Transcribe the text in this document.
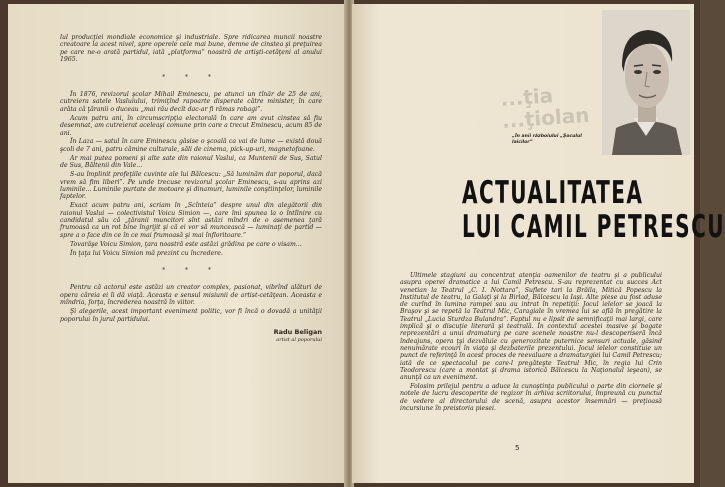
lul producţiei mondiale economice şi industriale. Spre ridicarea muncii noastre creatoare la acest nivel, spre operele cele mai bune, demne de cinstea şi preţuirea pe care ne-o arată partidul, iată „platforma” noastră de artişti-cetăţeni al anului 1965.

* * *

În 1876, revizorul şcolar Mihail Eminescu, pe atunci un tînăr de 25 de ani, cutreiera satele Vasluiului, trimiţînd rapoarte disperate către minister, în care arăta că ţăranii o duceau „mai rău decît dac-ar fi rămas robagi”.

Acum patru ani, în circumscripţia electorală în care am avut cinstea să fiu desemnat, am cutreierat aceleaşi comune prin care a trecut Eminescu, acum 85 de ani.

În Laza — satul în care Eminescu găsise o şcoală ca vai de lume — există două şcoli de 7 ani, patru cămine culturale, săli de cinema, pick-up-uri, magnetofoane.

Ar mai putea pomeni şi alte sate din raionul Vaslui, ca Muntenii de Sus, Satul de Sus, Băltenii din Vale...

S-au împlinit profeţiile cuvinte ale lui Bălcescu: „Să luminăm dar poporul, dacă vrem să fim liberi”. Pe unde trecuse revizorul şcolar Eminescu, s-au aprins azi luminile... Luminile purtate de motoare şi dinamuri, luminile conştiinţelor, luminile faptelor.

Exact acum patru ani, scriam în „Scînteia” despre unul din alegătorii din raionul Vaslui — colectivistul Voicu Simion —, care îmi spunea la o întîlnire cu candidatul său că „ţăranii muncitori sînt astăzi mîndri de o asemenea ţară frumoasă ca un rot bine îngrijit şi că ei vor să muncească — luminaţi de partid — spre a o face din ce în ce mai frumoasă şi mai înfloritoare.”

Tovarăşe Voicu Simion, ţara noastră este astăzi grădina pe care o visam...

În ţaţa lui Voicu Simion mă prezint cu încredere.

* * *

Pentru că actorul este astăzi un creator complex, pasionat, vibrînd alături de opera căreia ei îi dă viaţă. Aceasta e sensul misiunii de artist-cetăţean. Aceasta e mîndria, forţa, încrederea noastră în viitor.

Şi alegerile, acest important eveniment politic, vor fi încă o dovadă a unităţii poporului în jurul partidului.

Radu Beligan
artist al poporului
...ţia
...ţiolan
„În anii războiului „Şoculul laicilor”
ACTUALITATEA
LUI CAMIL PETRESCU

Ultimele stagiuni au concentrat atenţia oamenilor de teatru şi a publicului asupra operei dramatice a lui Camil Petrescu. S-au reprezentat cu succes Act venetian la Teatrul „C. I. Nottara”, Suflete tari la Brăila, Mitică Popescu la Institutul de teatru, la Galaţi şi la Birlad, Bălcescu la Iaşi. Alte piese au fost aduse de curînd în lumina rampei sau au intrat în repetiţii: Jocul ielelor se joacă la Braşov şi se repetă la Teatrul Mic, Caragiale în vremea lui se află în pregătire la Teatrul „Lucia Sturdza Bulandra”. Faptul nu e lipsit de semnificaţii mai largi, care implică şi o discuţie literară şi teatrală. În contextul acestei masive şi bogate reprezentări a unui dramaturg pe care scenele noastre nu-l descoperiseră încă îndeajuns, opera ţşi dezvăluie cu generozitate puternice sensuri actuale, găsind nenumărate ecouri în viaţa şi dezbaterile prezentului. Jocul ielelor constituie un punct de referinţă în acest proces de reevaluare a dramaturgiei lui Camil Petrescu; iată de ce spectacolul pe care-l pregăteşte Teatrul Mic, în regia lui Crin Teodorescu (care a montat şi drama istorică Bălcescu la Naţionalul ieşean), se anunţă ca un eveniment.

Folosim prilejul pentru a aduce la cunoştinţa publicului o parte din ciornele şi notele de lucru descoperite de regizor în arhiva scriitorului, împreună cu punctul de vedere al directorului de scenă, asupra acestor însemnări — preţioasă incursiune în preistoria piesei.

5
